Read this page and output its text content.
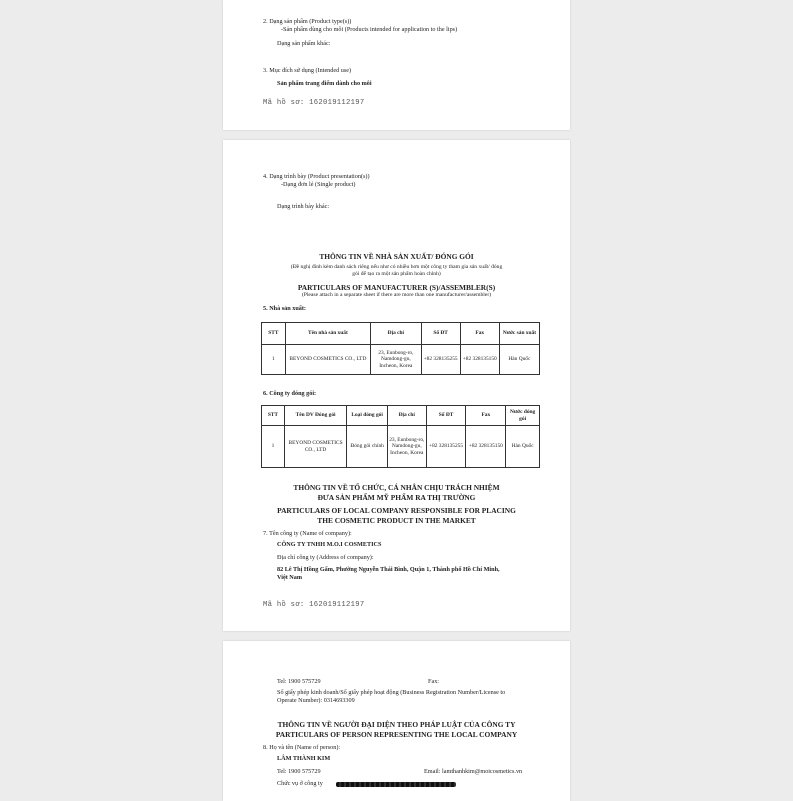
2. Dạng sản phẩm (Product type(s))
-Sản phẩm dùng cho môi (Products intended for application to the lips)
Dạng sản phẩm khác:
3. Mục đích sử dụng (Intended use)
Sản phẩm trang điểm dành cho môi
Mã hồ sơ: 162019112197
4. Dạng trình bày (Product presentation(s))
-Dạng đơn lẻ (Single product)
Dạng trình bày khác:
THÔNG TIN VỀ NHÀ SẢN XUẤT/ ĐÓNG GÓI
(Đề nghị đính kèm danh sách riêng nếu như có nhiều hơn một công ty tham gia sản xuất/ đóng
gói để tạo ra một sản phẩm hoàn chỉnh)
PARTICULARS OF MANUFACTURER (S)/ASSEMBLER(S)
(Please attach in a separate sheet if there are more than one manufacturer/assembler)
5. Nhà sản xuất:
STT	Tên nhà sản xuất	Địa chỉ	Số ĐT	Fax	Nước sản xuất
1	BEYOND COSMETICS CO., LTD	23, Eunbong-ro, Namdong-gu, Incheon, Korea	+82 328135255	+82 328135150	Hàn Quốc
6. Công ty đóng gói:
STT	Tên DV Đóng gói	Loại đóng gói	Địa chỉ	Số ĐT	Fax	Nước đóng gói
1	BEYOND COSMETICS CO., LTD	Đóng gói chính	23, Eunbong-ro, Namdong-gu, Incheon, Korea	+82 328135255	+82 328135150	Hàn Quốc
THÔNG TIN VỀ TỔ CHỨC, CÁ NHÂN CHỊU TRÁCH NHIỆM
ĐƯA SẢN PHẨM MỸ PHẨM RA THỊ TRƯỜNG
PARTICULARS OF LOCAL COMPANY RESPONSIBLE FOR PLACING
THE COSMETIC PRODUCT IN THE MARKET
7. Tên công ty (Name of company):
CÔNG TY TNHH M.O.I COSMETICS
Địa chỉ công ty (Address of company):
82 Lê Thị Hồng Gấm, Phường Nguyễn Thái Bình, Quận 1, Thành phố Hồ Chí Minh,
Việt Nam
Mã hồ sơ: 162019112197
Tel: 1900 575729	Fax:
Số giấy phép kinh doanh/Số giấy phép hoạt động (Business Registration Number/License to
Operate Number): 0314693309
THÔNG TIN VỀ NGƯỜI ĐẠI DIỆN THEO PHÁP LUẬT CỦA CÔNG TY
PARTICULARS OF PERSON REPRESENTING THE LOCAL COMPANY
8. Họ và tên (Name of person):
LÂM THÀNH KIM
Tel: 1900 575729	Email: lamthanhkim@moicosmetics.vn
Chức vụ ở công ty
